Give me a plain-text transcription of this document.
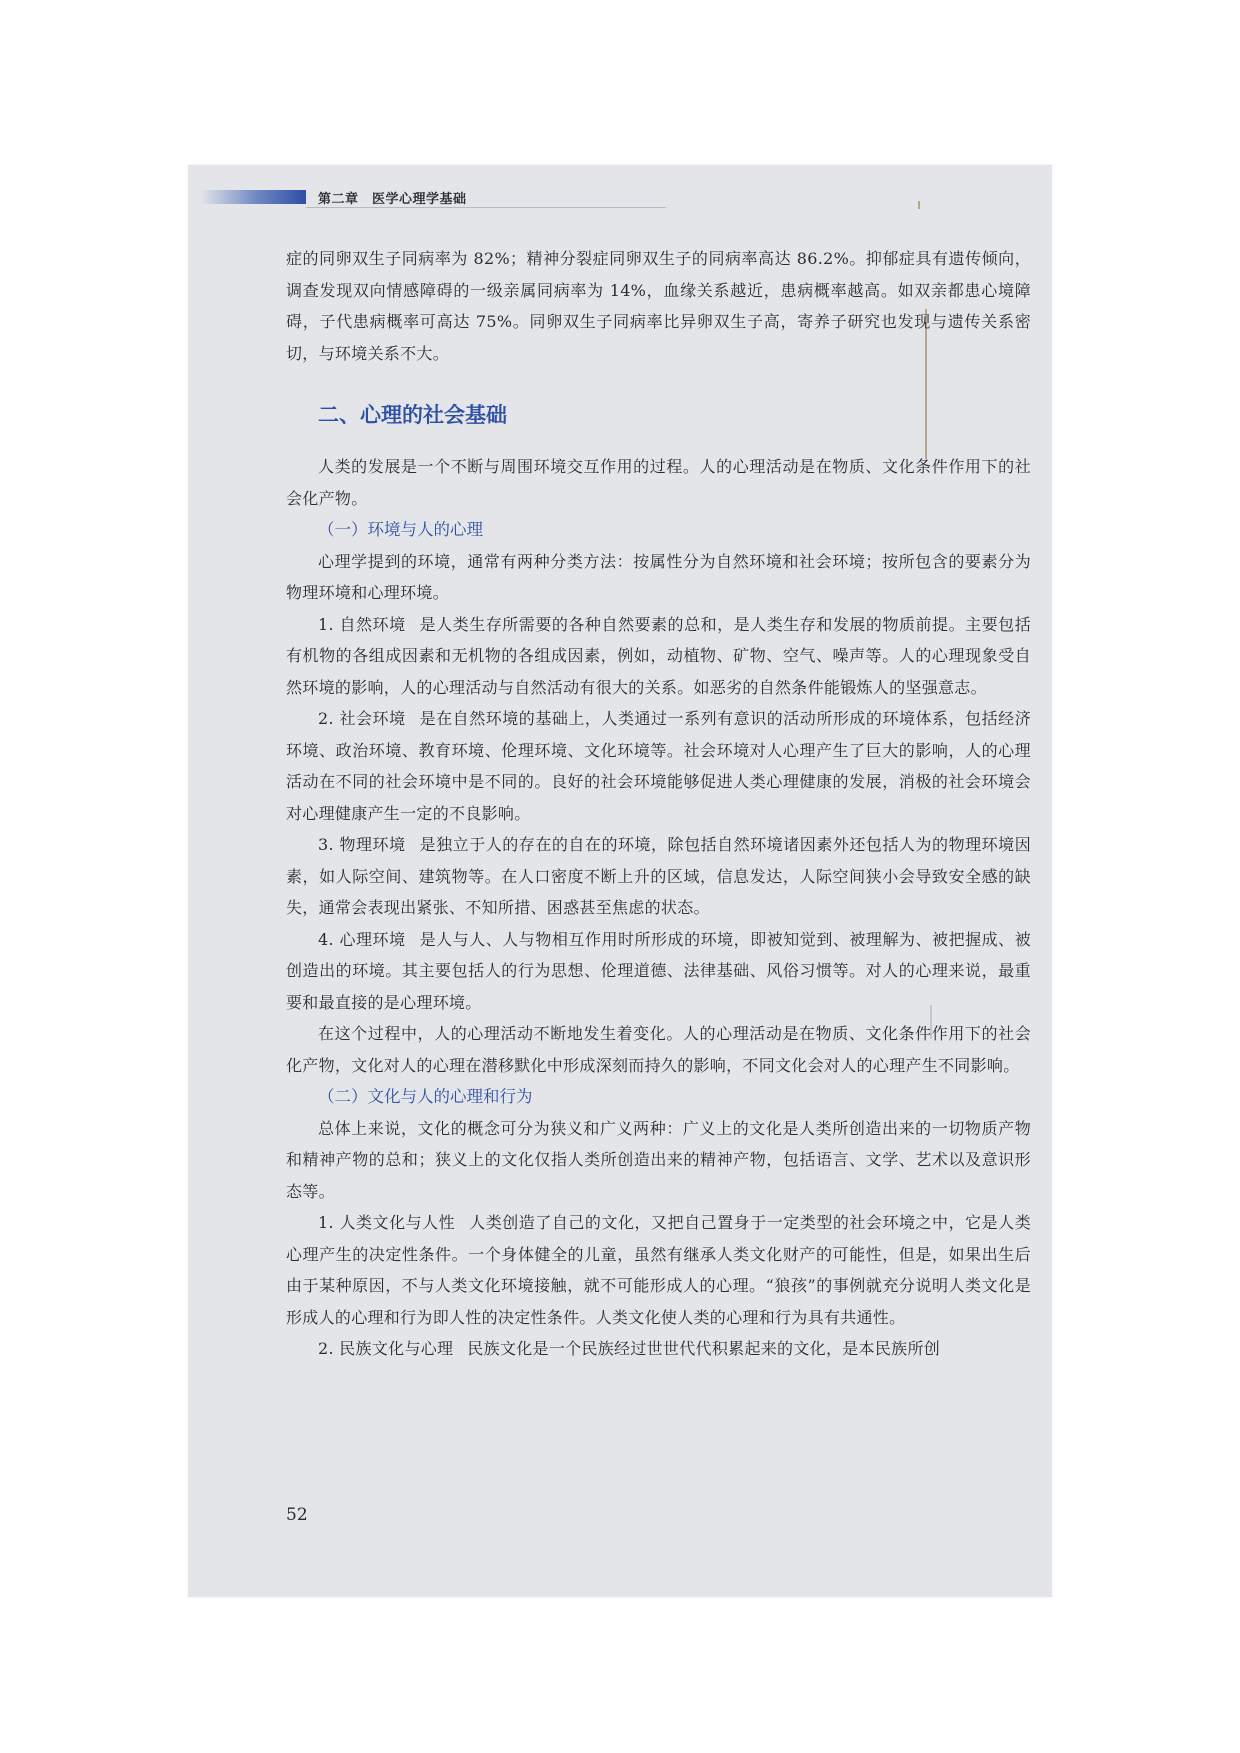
第二章　医学心理学基础

症的同卵双生子同病率为 82%；精神分裂症同卵双生子的同病率高达 86.2%。抑郁症具有遗传倾向，调查发现双向情感障碍的一级亲属同病率为 14%，血缘关系越近，患病概率越高。如双亲都患心境障碍，子代患病概率可高达 75%。同卵双生子同病率比异卵双生子高，寄养子研究也发现与遗传关系密切，与环境关系不大。

二、心理的社会基础

人类的发展是一个不断与周围环境交互作用的过程。人的心理活动是在物质、文化条件作用下的社会化产物。

（一）环境与人的心理

心理学提到的环境，通常有两种分类方法：按属性分为自然环境和社会环境；按所包含的要素分为物理环境和心理环境。

1. 自然环境 是人类生存所需要的各种自然要素的总和，是人类生存和发展的物质前提。主要包括有机物的各组成因素和无机物的各组成因素，例如，动植物、矿物、空气、噪声等。人的心理现象受自然环境的影响，人的心理活动与自然活动有很大的关系。如恶劣的自然条件能锻炼人的坚强意志。

2. 社会环境 是在自然环境的基础上，人类通过一系列有意识的活动所形成的环境体系，包括经济环境、政治环境、教育环境、伦理环境、文化环境等。社会环境对人心理产生了巨大的影响，人的心理活动在不同的社会环境中是不同的。良好的社会环境能够促进人类心理健康的发展，消极的社会环境会对心理健康产生一定的不良影响。

3. 物理环境 是独立于人的存在的自在的环境，除包括自然环境诸因素外还包括人为的物理环境因素，如人际空间、建筑物等。在人口密度不断上升的区域，信息发达，人际空间狭小会导致安全感的缺失，通常会表现出紧张、不知所措、困惑甚至焦虑的状态。

4. 心理环境 是人与人、人与物相互作用时所形成的环境，即被知觉到、被理解为、被把握成、被创造出的环境。其主要包括人的行为思想、伦理道德、法律基础、风俗习惯等。对人的心理来说，最重要和最直接的是心理环境。

在这个过程中，人的心理活动不断地发生着变化。人的心理活动是在物质、文化条件作用下的社会化产物，文化对人的心理在潜移默化中形成深刻而持久的影响，不同文化会对人的心理产生不同影响。

（二）文化与人的心理和行为

总体上来说，文化的概念可分为狭义和广义两种：广义上的文化是人类所创造出来的一切物质产物和精神产物的总和；狭义上的文化仅指人类所创造出来的精神产物，包括语言、文学、艺术以及意识形态等。

1. 人类文化与人性 人类创造了自己的文化，又把自己置身于一定类型的社会环境之中，它是人类心理产生的决定性条件。一个身体健全的儿童，虽然有继承人类文化财产的可能性，但是，如果出生后由于某种原因，不与人类文化环境接触，就不可能形成人的心理。“狼孩”的事例就充分说明人类文化是形成人的心理和行为即人性的决定性条件。人类文化使人类的心理和行为具有共通性。

2. 民族文化与心理 民族文化是一个民族经过世世代代积累起来的文化，是本民族所创

52
